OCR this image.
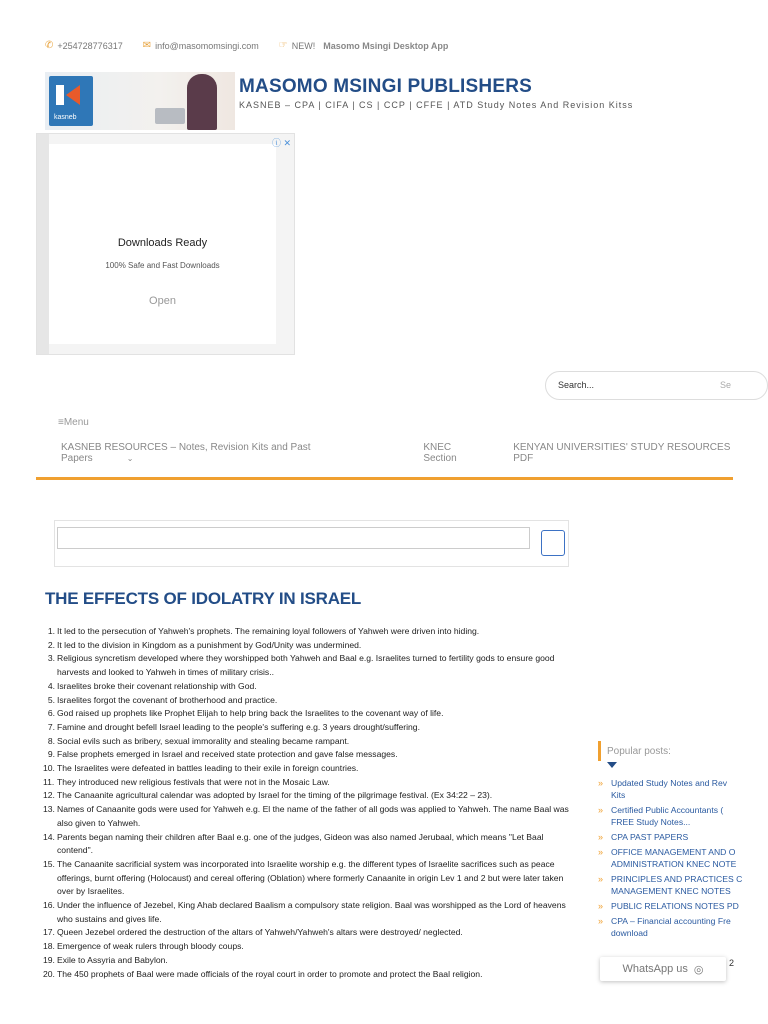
✆ +254728776317 ✉ info@masomomsingi.com ☞ NEW! Masomo Msingi Desktop App
kasneb
MASOMO MSINGI PUBLISHERS
KASNEB – CPA | CIFA | CS | CCP | CFFE | ATD Study Notes And Revision Kitss
Downloads Ready
100% Safe and Fast Downloads
Open
ⓘ ✕
Search...	Se
≡Menu
KASNEB RESOURCES – Notes, Revision Kits and Past Papers	⌄
KNEC Section
KENYAN UNIVERSITIES' STUDY RESOURCES PDF
THE EFFECTS OF IDOLATRY IN ISRAEL
1. It led to the persecution of Yahweh's prophets. The remaining loyal followers of Yahweh were driven into hiding.
2. It led to the division in Kingdom as a punishment by God/Unity was undermined.
3. Religious syncretism developed where they worshipped both Yahweh and Baal e.g. Israelites turned to fertility gods to ensure good harvests and looked to Yahweh in times of military crisis..
4. Israelites broke their covenant relationship with God.
5. Israelites forgot the covenant of brotherhood and practice.
6. God raised up prophets like Prophet Elijah to help bring back the Israelites to the covenant way of life.
7. Famine and drought befell Israel leading to the people's suffering e.g. 3 years drought/suffering.
8. Social evils such as bribery, sexual immorality and stealing became rampant.
9. False prophets emerged in Israel and received state protection and gave false messages.
10. The Israelites were defeated in battles leading to their exile in foreign countries.
11. They introduced new religious festivals that were not in the Mosaic Law.
12. The Canaanite agricultural calendar was adopted by Israel for the timing of the pilgrimage festival. (Ex 34:22 – 23).
13. Names of Canaanite gods were used for Yahweh e.g. El the name of the father of all gods was applied to Yahweh. The name Baal was also given to Yahweh.
14. Parents began naming their children after Baal e.g. one of the judges, Gideon was also named Jerubaal, which means "Let Baal contend".
15. The Canaanite sacrificial system was incorporated into Israelite worship e.g. the different types of Israelite sacrifices such as peace offerings, burnt offering (Holocaust) and cereal offering (Oblation) where formerly Canaanite in origin Lev 1 and 2 but were later taken over by Israelites.
16. Under the influence of Jezebel, King Ahab declared Baalism a compulsory state religion. Baal was worshipped as the Lord of heavens who sustains and gives life.
17. Queen Jezebel ordered the destruction of the altars of Yahweh/Yahweh's altars were destroyed/ neglected.
18. Emergence of weak rulers through bloody coups.
19. Exile to Assyria and Babylon.
20. The 450 prophets of Baal were made officials of the royal court in order to promote and protect the Baal religion.
Popular posts:
» Updated Study Notes and Rev
Kits
» Certified Public Accountants (
FREE Study Notes...
» CPA PAST PAPERS
» OFFICE MANAGEMENT AND O
ADMINISTRATION KNEC NOTE
» PRINCIPLES AND PRACTICES C
MANAGEMENT KNEC NOTES
» PUBLIC RELATIONS NOTES PD
» CPA – Financial accounting Fre
download
2
WhatsApp us ◎
